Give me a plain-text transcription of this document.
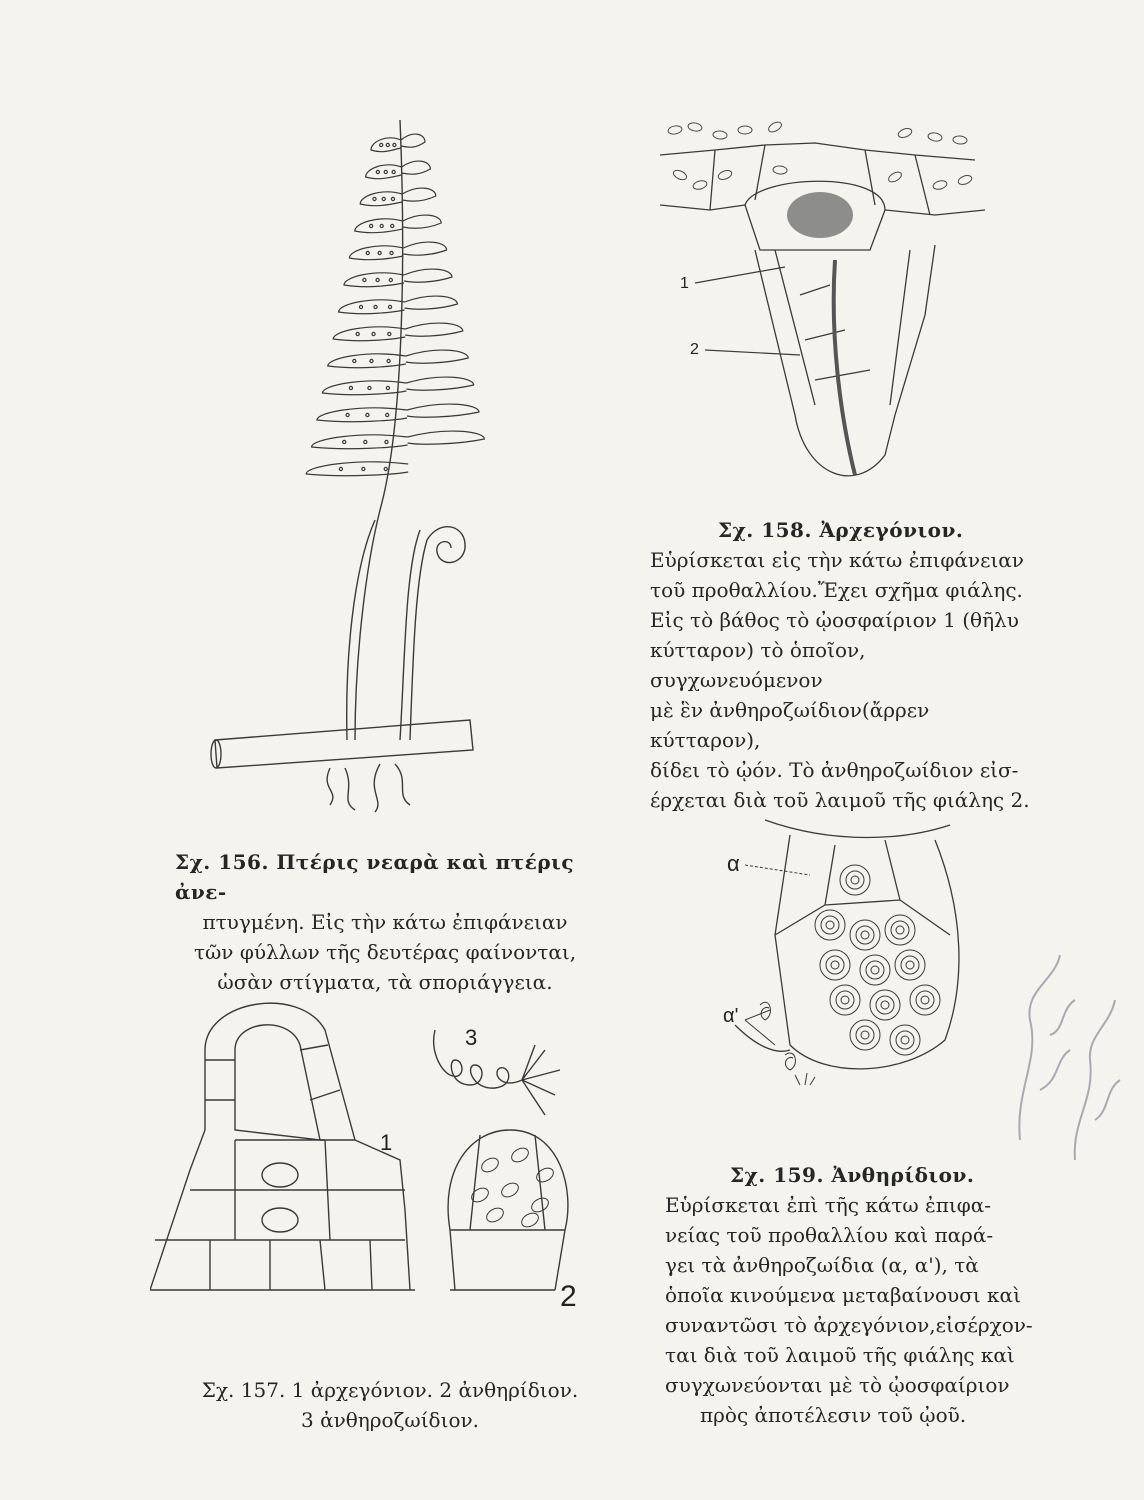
Σχ. 156. Πτέρις νεαρὰ καὶ πτέρις ἀνε-
πτυγμένη. Εἰς τὴν κάτω ἐπιφάνειαν
τῶν φύλλων τῆς δευτέρας φαίνονται,
ὡσὰν στίγματα, τὰ σποριάγγεια.
1
2
Σχ. 158. Ἀρχεγόνιον.
Εὑρίσκεται εἰς τὴν κάτω ἐπιφάνειαν
τοῦ προθαλλίου.Ἔχει σχῆμα φιάλης.
Εἰς τὸ βάθος τὸ ᾠοσφαίριον 1 (θῆλυ
κύτταρον) τὸ ὁποῖον, συγχωνευόμενον
μὲ ἓν ἀνθηροζωίδιον(ἄρρεν κύτταρον),
δίδει τὸ ᾠόν. Τὸ ἀνθηροζωίδιον εἰσ-
έρχεται διὰ τοῦ λαιμοῦ τῆς φιάλης 2.
α
α'
Σχ. 159. Ἀνθηρίδιον.
Εὑρίσκεται ἐπὶ τῆς κάτω ἐπιφα-
νείας τοῦ προθαλλίου καὶ παρά-
γει τὰ ἀνθηροζωίδια (α, α'), τὰ
ὁποῖα κινούμενα μεταβαίνουσι καὶ
συναντῶσι τὸ ἀρχεγόνιον,εἰσέρχον-
ται διὰ τοῦ λαιμοῦ τῆς φιάλης καὶ
συγχωνεύονται μὲ τὸ ᾠοσφαίριον
πρὸς ἀποτέλεσιν τοῦ ᾠοῦ.
1
2
3
Σχ. 157. 1 ἀρχεγόνιον. 2 ἀνθηρίδιον.
3 ἀνθηροζωίδιον.
